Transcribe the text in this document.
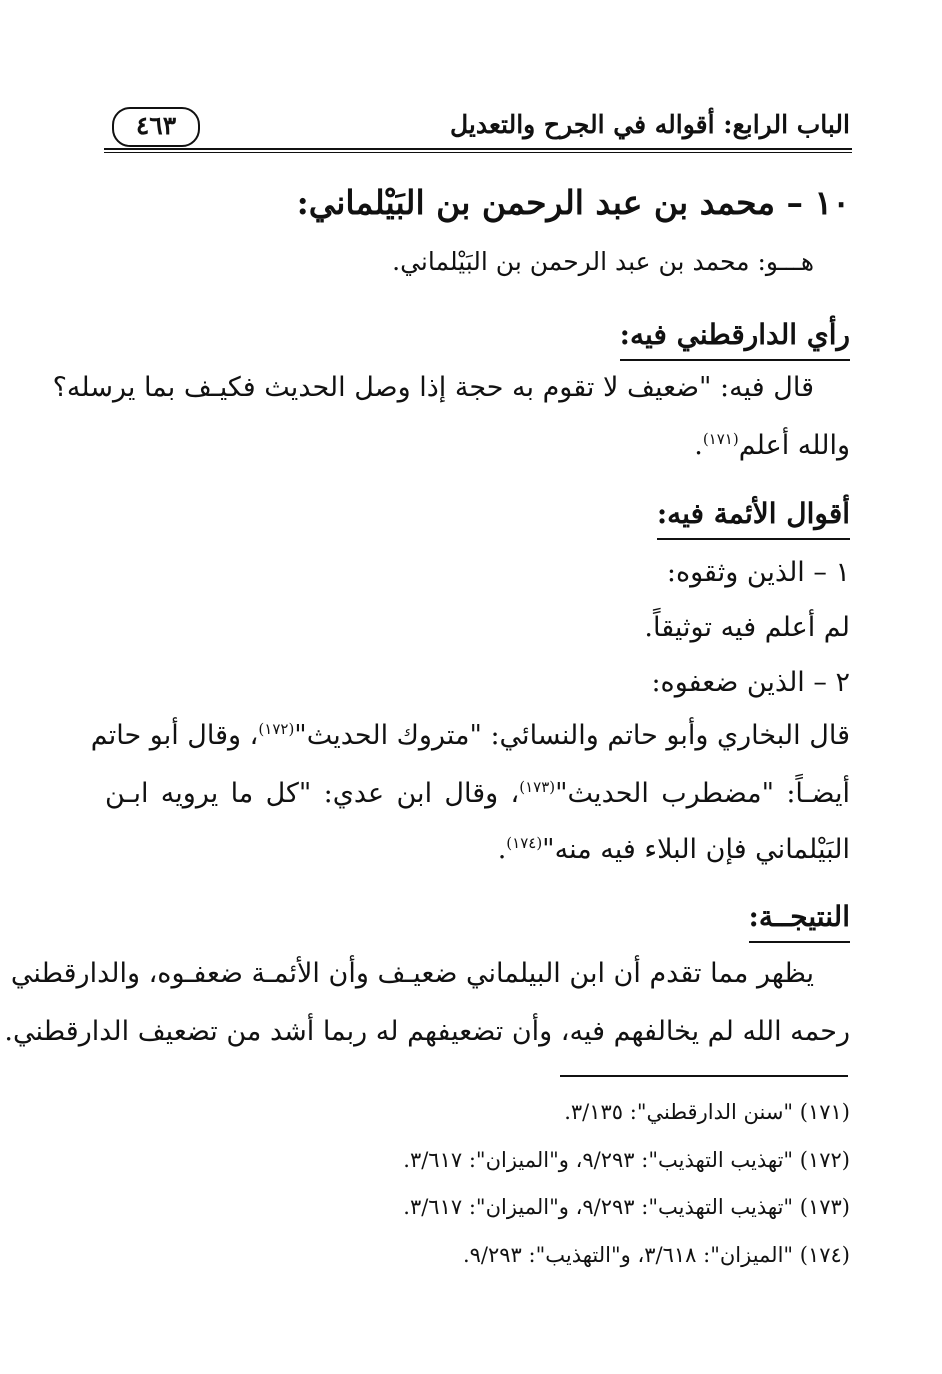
٤٦٣	الباب الرابع: أقواله في الجرح والتعديل
١٠ – محمد بن عبد الرحمن بن البَيْلماني:
هـــو: محمد بن عبد الرحمن بن البَيْلماني.
رأي الدارقطني فيه:
قال فيه: "ضعيف لا تقوم به حجة إذا وصل الحديث فكيـف بما يرسله؟
والله أعلم$^{(١٧١)}$.
أقوال الأئمة فيه:
١ – الذين وثقوه:
لم أعلم فيه توثيقاً.
٢ – الذين ضعفوه:
قال البخاري وأبو حاتم والنسائي: "متروك الحديث"$^{(١٧٢)}$، وقال أبو حاتم
أيضـاً: "مضطرب الحديث"$^{(١٧٣)}$، وقال ابن عدي: "كل ما يرويه ابـن
البَيْلماني فإن البلاء فيه منه"$^{(١٧٤)}$.
النتيجــة:
يظهر مما تقدم أن ابن البيلماني ضعيـف وأن الأئمـة ضعفـوه، والدارقطني
رحمه الله لم يخالفهم فيه، وأن تضعيفهم له ربما أشد من تضعيف الدارقطني.
(١٧١) "سنن الدارقطني": ٣/١٣٥.
(١٧٢) "تهذيب التهذيب": ٩/٢٩٣، و"الميزان": ٣/٦١٧.
(١٧٣) "تهذيب التهذيب": ٩/٢٩٣، و"الميزان": ٣/٦١٧.
(١٧٤) "الميزان": ٣/٦١٨، و"التهذيب": ٩/٢٩٣.
